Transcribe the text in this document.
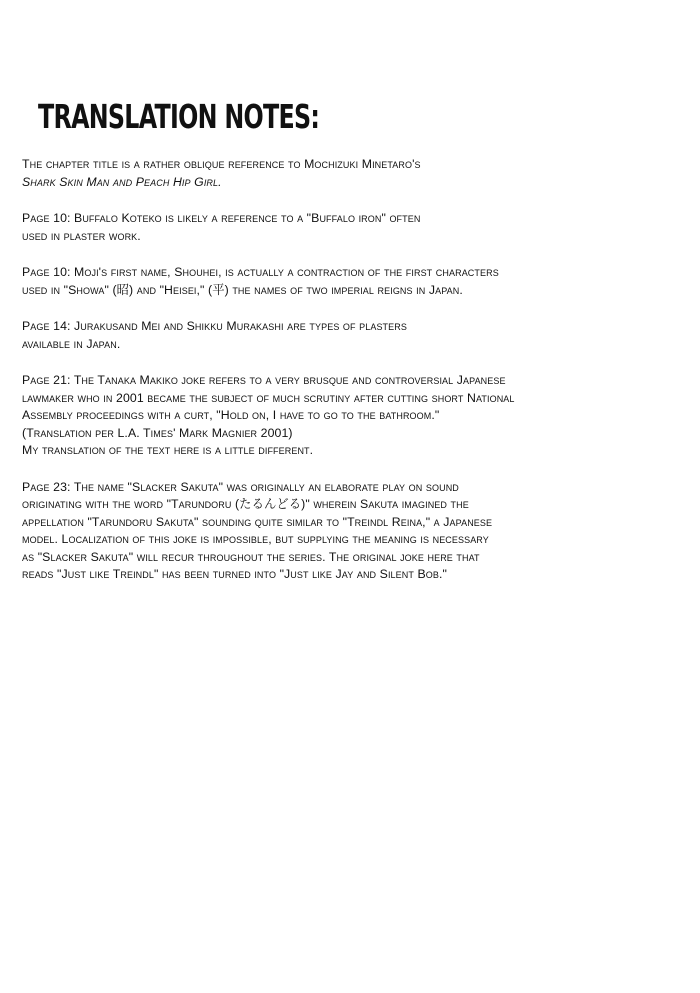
TRANSLATION NOTES:
The chapter title is a rather oblique reference to Mochizuki Minetaro's
Shark Skin Man and Peach Hip Girl.
Page 10: Buffalo Koteko is likely a reference to a "Buffalo iron" often
used in plaster work.
Page 10: Moji's first name, Shouhei, is actually a contraction of the first characters
used in "Showa" (昭) and "Heisei," (平) the names of two imperial reigns in Japan.
Page 14: Jurakusand Mei and Shikku Murakashi are types of plasters
available in Japan.
Page 21: The Tanaka Makiko joke refers to a very brusque and controversial Japanese
lawmaker who in 2001 became the subject of much scrutiny after cutting short National
Assembly proceedings with a curt, "Hold on, I have to go to the bathroom."
(Translation per L.A. Times' Mark Magnier 2001)
My translation of the text here is a little different.
Page 23: The name "Slacker Sakuta" was originally an elaborate play on sound
originating with the word "Tarundoru (たるんどる)" wherein Sakuta imagined the
appellation "Tarundoru Sakuta" sounding quite similar to "Treindl Reina," a Japanese
model. Localization of this joke is impossible, but supplying the meaning is necessary
as "Slacker Sakuta" will recur throughout the series. The original joke here that
reads "Just like Treindl" has been turned into "Just like Jay and Silent Bob."
